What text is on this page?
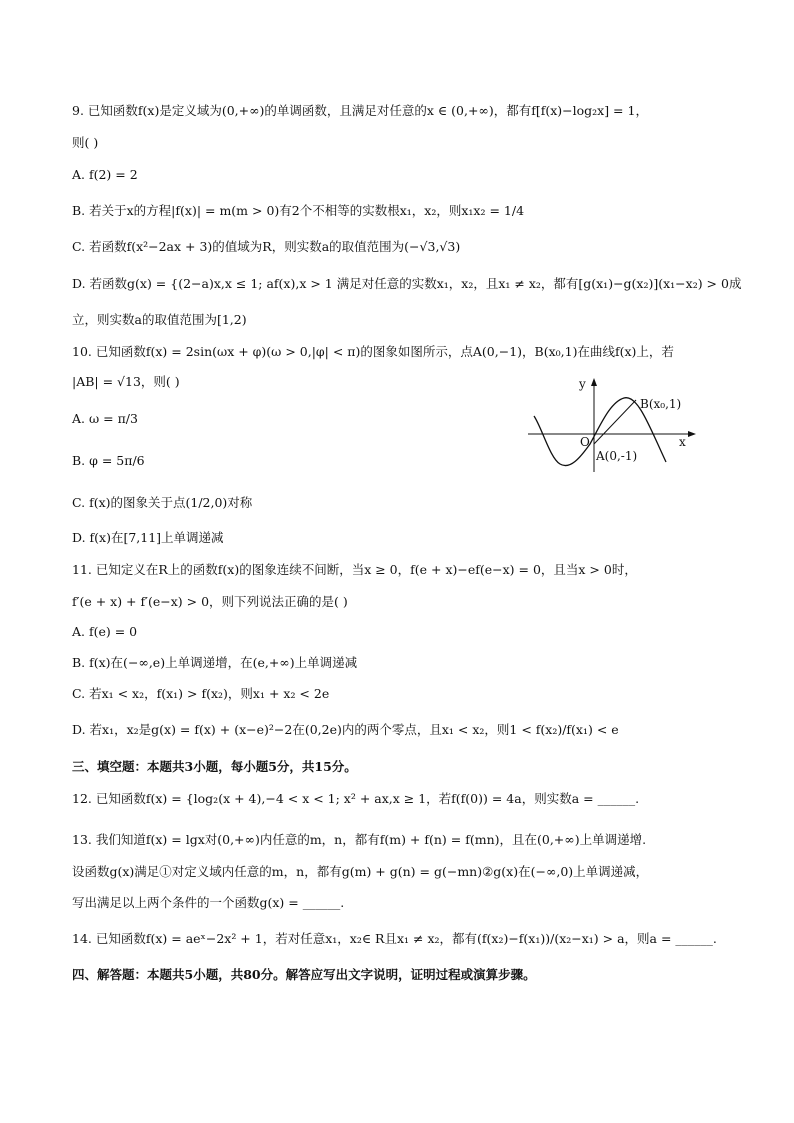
9. 已知函数f(x)是定义域为(0,+∞)的单调函数，且满足对任意的x ∈ (0,+∞)，都有f[f(x)−log₂x] = 1，
则( )
A. f(2) = 2
B. 若关于x的方程|f(x)| = m(m > 0)有2个不相等的实数根x₁，x₂，则x₁x₂ = 1/4
C. 若函数f(x²−2ax + 3)的值域为R，则实数a的取值范围为(−√3,√3)
D. 若函数g(x) = {(2−a)x,x ≤ 1; af(x),x > 1 满足对任意的实数x₁，x₂，且x₁ ≠ x₂，都有[g(x₁)−g(x₂)](x₁−x₂) > 0成
立，则实数a的取值范围为[1,2)
10. 已知函数f(x) = 2sin(ωx + φ)(ω > 0,|φ| < π)的图象如图所示，点A(0,−1)，B(x₀,1)在曲线f(x)上，若
|AB| = √13，则( )
A. ω = π/3
B. φ = 5π/6
C. f(x)的图象关于点(1/2,0)对称
D. f(x)在[7,11]上单调递减
11. 已知定义在R上的函数f(x)的图象连续不间断，当x ≥ 0，f(e + x)−ef(e−x) = 0，且当x > 0时，
f′(e + x) + f′(e−x) > 0，则下列说法正确的是( )
A. f(e) = 0
B. f(x)在(−∞,e)上单调递增，在(e,+∞)上单调递减
C. 若x₁ < x₂，f(x₁) > f(x₂)，则x₁ + x₂ < 2e
D. 若x₁，x₂是g(x) = f(x) + (x−e)²−2在(0,2e)内的两个零点，且x₁ < x₂，则1 < f(x₂)/f(x₁) < e
三、填空题：本题共3小题，每小题5分，共15分。
12. 已知函数f(x) = {log₂(x + 4),−4 < x < 1; x² + ax,x ≥ 1，若f(f(0)) = 4a，则实数a = ______.
13. 我们知道f(x) = lgx对(0,+∞)内任意的m，n，都有f(m) + f(n) = f(mn)，且在(0,+∞)上单调递增.
设函数g(x)满足①对定义域内任意的m，n，都有g(m) + g(n) = g(−mn)②g(x)在(−∞,0)上单调递减，
写出满足以上两个条件的一个函数g(x) = ______.
14. 已知函数f(x) = aeˣ−2x² + 1，若对任意x₁，x₂∈ R且x₁ ≠ x₂，都有(f(x₂)−f(x₁))/(x₂−x₁) > a，则a = ______.
四、解答题：本题共5小题，共80分。解答应写出文字说明，证明过程或演算步骤。
y
x
O
B(x₀,1)
A(0,-1)
